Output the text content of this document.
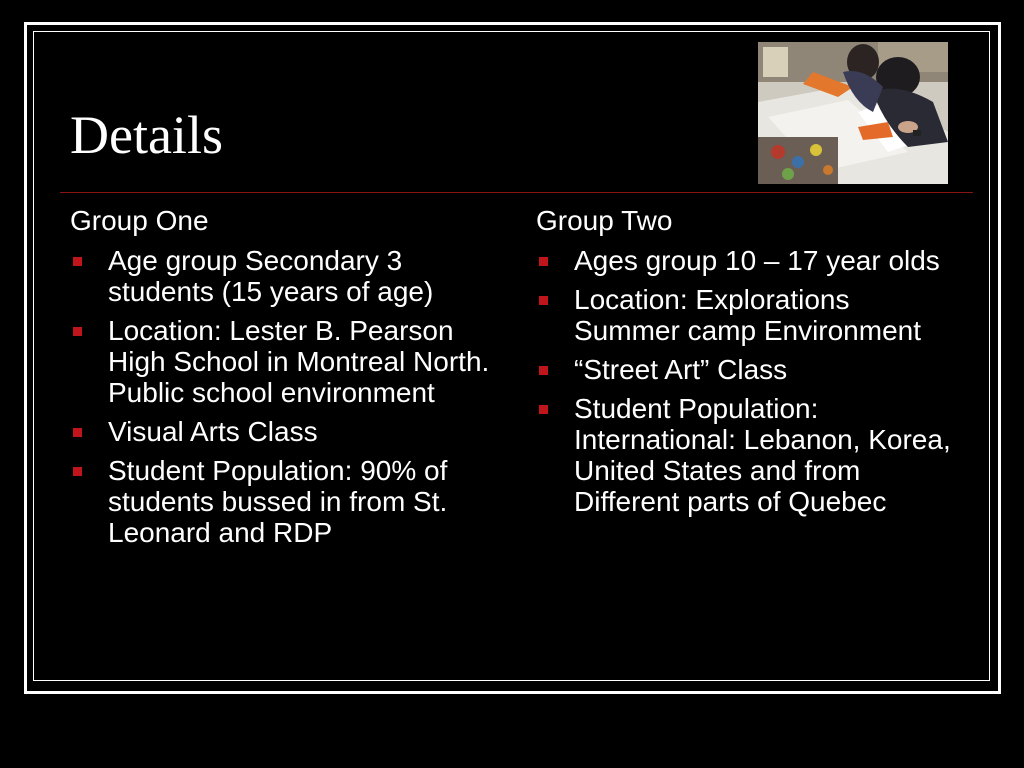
Details
Group One
Age group Secondary 3 students (15 years of age)
Location: Lester B. Pearson High School in Montreal North. Public school environment
Visual Arts Class
Student Population: 90% of students bussed in from St. Leonard and RDP
Group Two
Ages group 10 – 17 year olds
Location: Explorations Summer camp Environment
“Street Art” Class
Student Population: International: Lebanon, Korea, United States and from Different parts of Quebec
